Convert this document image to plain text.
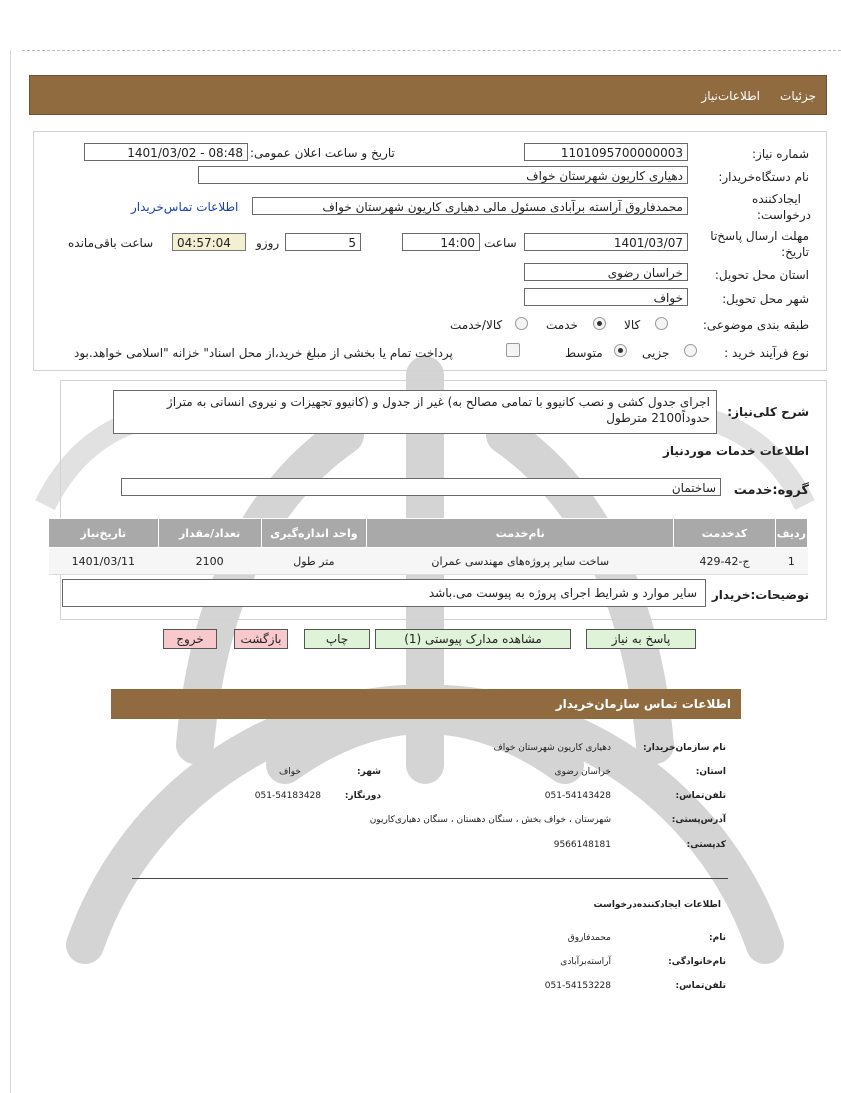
جزئیات
اطلاعات‌نیاز
شماره نیاز:
1101095700000003
تاریخ و ساعت اعلان عمومی:
1401/03/02 - 08:48
نام دستگاه‌خریدار:
دهیاری کاریون شهرستان خواف
ایجادکننده
درخواست:
محمدفاروق آراسته برآبادی مسئول مالی دهیاری کاریون شهرستان خواف
اطلاعات تماس‌خریدار
مهلت ارسال پاسخ‌تا
تاریخ:
1401/03/07
ساعت
14:00
5
روزو
04:57:04
ساعت باقی‌مانده
استان محل تحویل:
خراسان رضوی
شهر محل تحویل:
خواف
طبقه بندی موضوعی:
کالا
خدمت
کالا/خدمت
نوع فرآیند خرید :
جزیی
متوسط
پرداخت تمام یا بخشی از مبلغ خرید،از محل اسناد" خزانه "اسلامی خواهد.بود
شرح کلی‌نیاز:
اجرای جدول کشی و نصب کانیوو با تمامی مصالح به) غیر از جدول و (کانیوو تجهیزات و نیروی انسانی به متراژ
حدوداً2100 مترطول
اطلاعات خدمات موردنیاز
گروه:خدمت
ساختمان
ردیف	کدخدمت	نام‌خدمت	واحد اندازه‌گیری	تعداد/مقدار	تاریخ‌نیاز
1	ج-42-429	ساخت سایر پروژه‌های مهندسی عمران	متر طول	2100	1401/03/11
توضیحات:خریدار
سایر موارد و شرایط اجرای پروژه به پیوست می.باشد
پاسخ به نیاز
مشاهده مدارک پیوستی (1)
چاپ
بازگشت
خروج
اطلاعات تماس سازمان‌خریدار
نام سازمان‌خریدار:
دهیاری کاریون شهرستان خواف
استان:
خراسان رضوی
شهر:
خواف
تلفن‌تماس:
051-54143428
دورنگار:
051-54183428
آدرس‌پستی:
شهرستان ، خواف بخش ، سنگان دهستان ، سنگان دهیاری‌کاریون
کدپستی:
9566148181
اطلاعات ایجادکننده‌درخواست
نام:
محمدفاروق
نام‌خانوادگی:
آراسته‌برآبادی
تلفن‌تماس:
051-54153228
